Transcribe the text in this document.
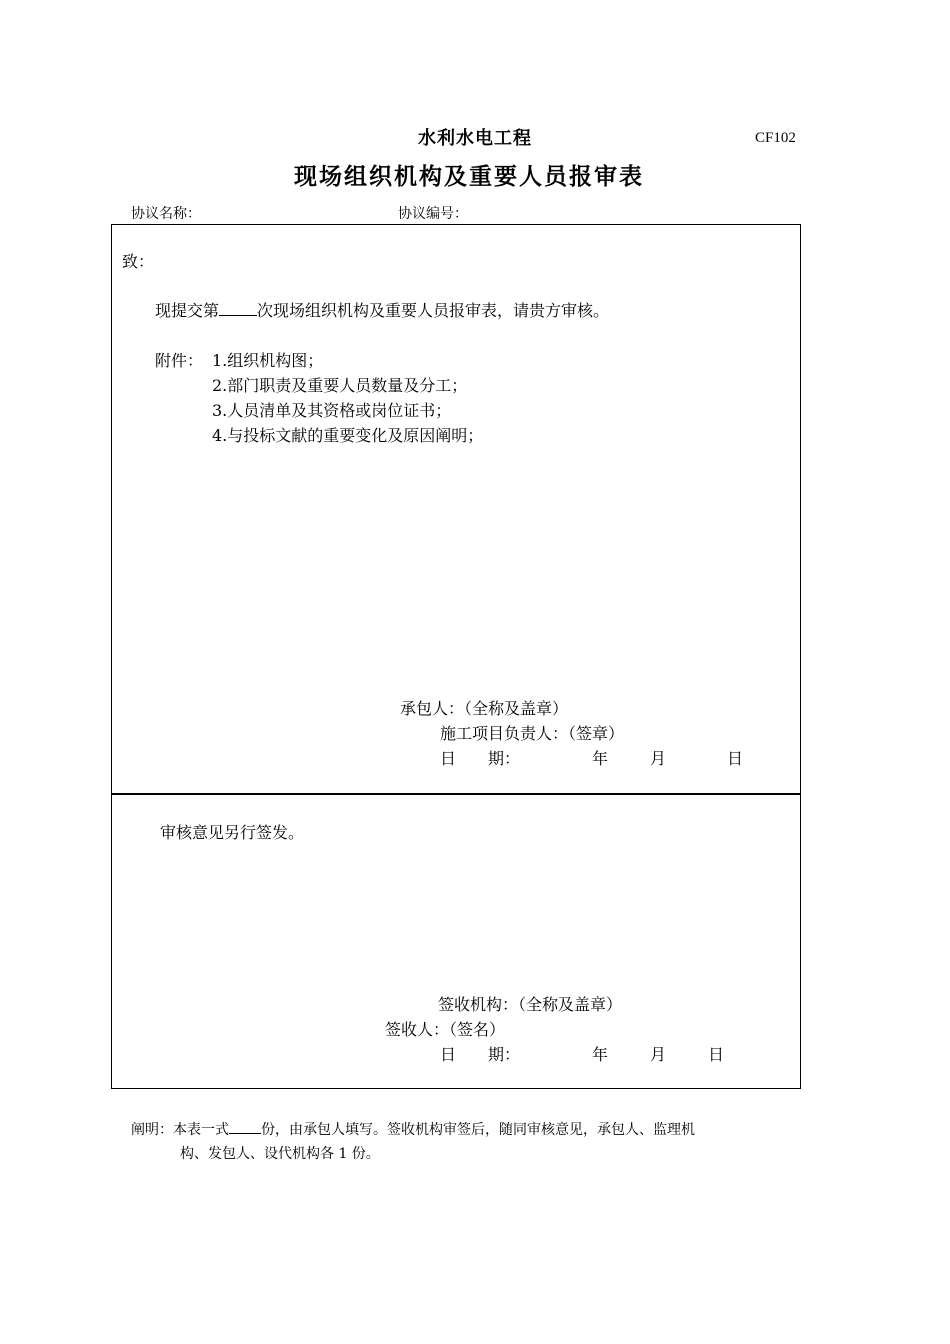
水利水电工程	CF102
现场组织机构及重要人员报审表
协议名称：	协议编号：
致：
现提交第 次现场组织机构及重要人员报审表，请贵方审核。
附件： 1.组织机构图；
2.部门职责及重要人员数量及分工；
3.人员清单及其资格或岗位证书；
4.与投标文献的重要变化及原因阐明；
承包人：（全称及盖章）
施工项目负责人：（签章）
日　　期：	年	月	日
审核意见另行签发。
签收机构：（全称及盖章）
签收人：（签名）
日　　期：	年	月	日
阐明：本表一式 份，由承包人填写。签收机构审签后，随同审核意见，承包人、监理机
构、发包人、设代机构各 1 份。
